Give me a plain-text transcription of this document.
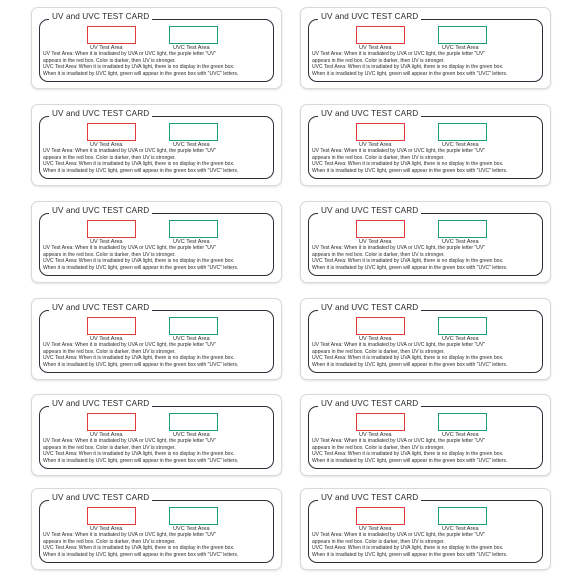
UV and UVC TEST CARD
UV Test Area	UVC Test Area
UV Test Area: When it is irradiated by UVA or UVC light, the purple letter "UV"
appears in the red box. Color is darker, then UV is stronger.
UVC Test Area: When it is irradiated by UVA light, there is no display in the green box.
When it is irradiated by UVC light, green will appear in the green box with "UVC" letters.
UV and UVC TEST CARD
UV Test Area	UVC Test Area
UV Test Area: When it is irradiated by UVA or UVC light, the purple letter "UV"
appears in the red box. Color is darker, then UV is stronger.
UVC Test Area: When it is irradiated by UVA light, there is no display in the green box.
When it is irradiated by UVC light, green will appear in the green box with "UVC" letters.
UV and UVC TEST CARD
UV Test Area	UVC Test Area
UV Test Area: When it is irradiated by UVA or UVC light, the purple letter "UV"
appears in the red box. Color is darker, then UV is stronger.
UVC Test Area: When it is irradiated by UVA light, there is no display in the green box.
When it is irradiated by UVC light, green will appear in the green box with "UVC" letters.
UV and UVC TEST CARD
UV Test Area	UVC Test Area
UV Test Area: When it is irradiated by UVA or UVC light, the purple letter "UV"
appears in the red box. Color is darker, then UV is stronger.
UVC Test Area: When it is irradiated by UVA light, there is no display in the green box.
When it is irradiated by UVC light, green will appear in the green box with "UVC" letters.
UV and UVC TEST CARD
UV Test Area	UVC Test Area
UV Test Area: When it is irradiated by UVA or UVC light, the purple letter "UV"
appears in the red box. Color is darker, then UV is stronger.
UVC Test Area: When it is irradiated by UVA light, there is no display in the green box.
When it is irradiated by UVC light, green will appear in the green box with "UVC" letters.
UV and UVC TEST CARD
UV Test Area	UVC Test Area
UV Test Area: When it is irradiated by UVA or UVC light, the purple letter "UV"
appears in the red box. Color is darker, then UV is stronger.
UVC Test Area: When it is irradiated by UVA light, there is no display in the green box.
When it is irradiated by UVC light, green will appear in the green box with "UVC" letters.
UV and UVC TEST CARD
UV Test Area	UVC Test Area
UV Test Area: When it is irradiated by UVA or UVC light, the purple letter "UV"
appears in the red box. Color is darker, then UV is stronger.
UVC Test Area: When it is irradiated by UVA light, there is no display in the green box.
When it is irradiated by UVC light, green will appear in the green box with "UVC" letters.
UV and UVC TEST CARD
UV Test Area	UVC Test Area
UV Test Area: When it is irradiated by UVA or UVC light, the purple letter "UV"
appears in the red box. Color is darker, then UV is stronger.
UVC Test Area: When it is irradiated by UVA light, there is no display in the green box.
When it is irradiated by UVC light, green will appear in the green box with "UVC" letters.
UV and UVC TEST CARD
UV Test Area	UVC Test Area
UV Test Area: When it is irradiated by UVA or UVC light, the purple letter "UV"
appears in the red box. Color is darker, then UV is stronger.
UVC Test Area: When it is irradiated by UVA light, there is no display in the green box.
When it is irradiated by UVC light, green will appear in the green box with "UVC" letters.
UV and UVC TEST CARD
UV Test Area	UVC Test Area
UV Test Area: When it is irradiated by UVA or UVC light, the purple letter "UV"
appears in the red box. Color is darker, then UV is stronger.
UVC Test Area: When it is irradiated by UVA light, there is no display in the green box.
When it is irradiated by UVC light, green will appear in the green box with "UVC" letters.
UV and UVC TEST CARD
UV Test Area	UVC Test Area
UV Test Area: When it is irradiated by UVA or UVC light, the purple letter "UV"
appears in the red box. Color is darker, then UV is stronger.
UVC Test Area: When it is irradiated by UVA light, there is no display in the green box.
When it is irradiated by UVC light, green will appear in the green box with "UVC" letters.
UV and UVC TEST CARD
UV Test Area	UVC Test Area
UV Test Area: When it is irradiated by UVA or UVC light, the purple letter "UV"
appears in the red box. Color is darker, then UV is stronger.
UVC Test Area: When it is irradiated by UVA light, there is no display in the green box.
When it is irradiated by UVC light, green will appear in the green box with "UVC" letters.
